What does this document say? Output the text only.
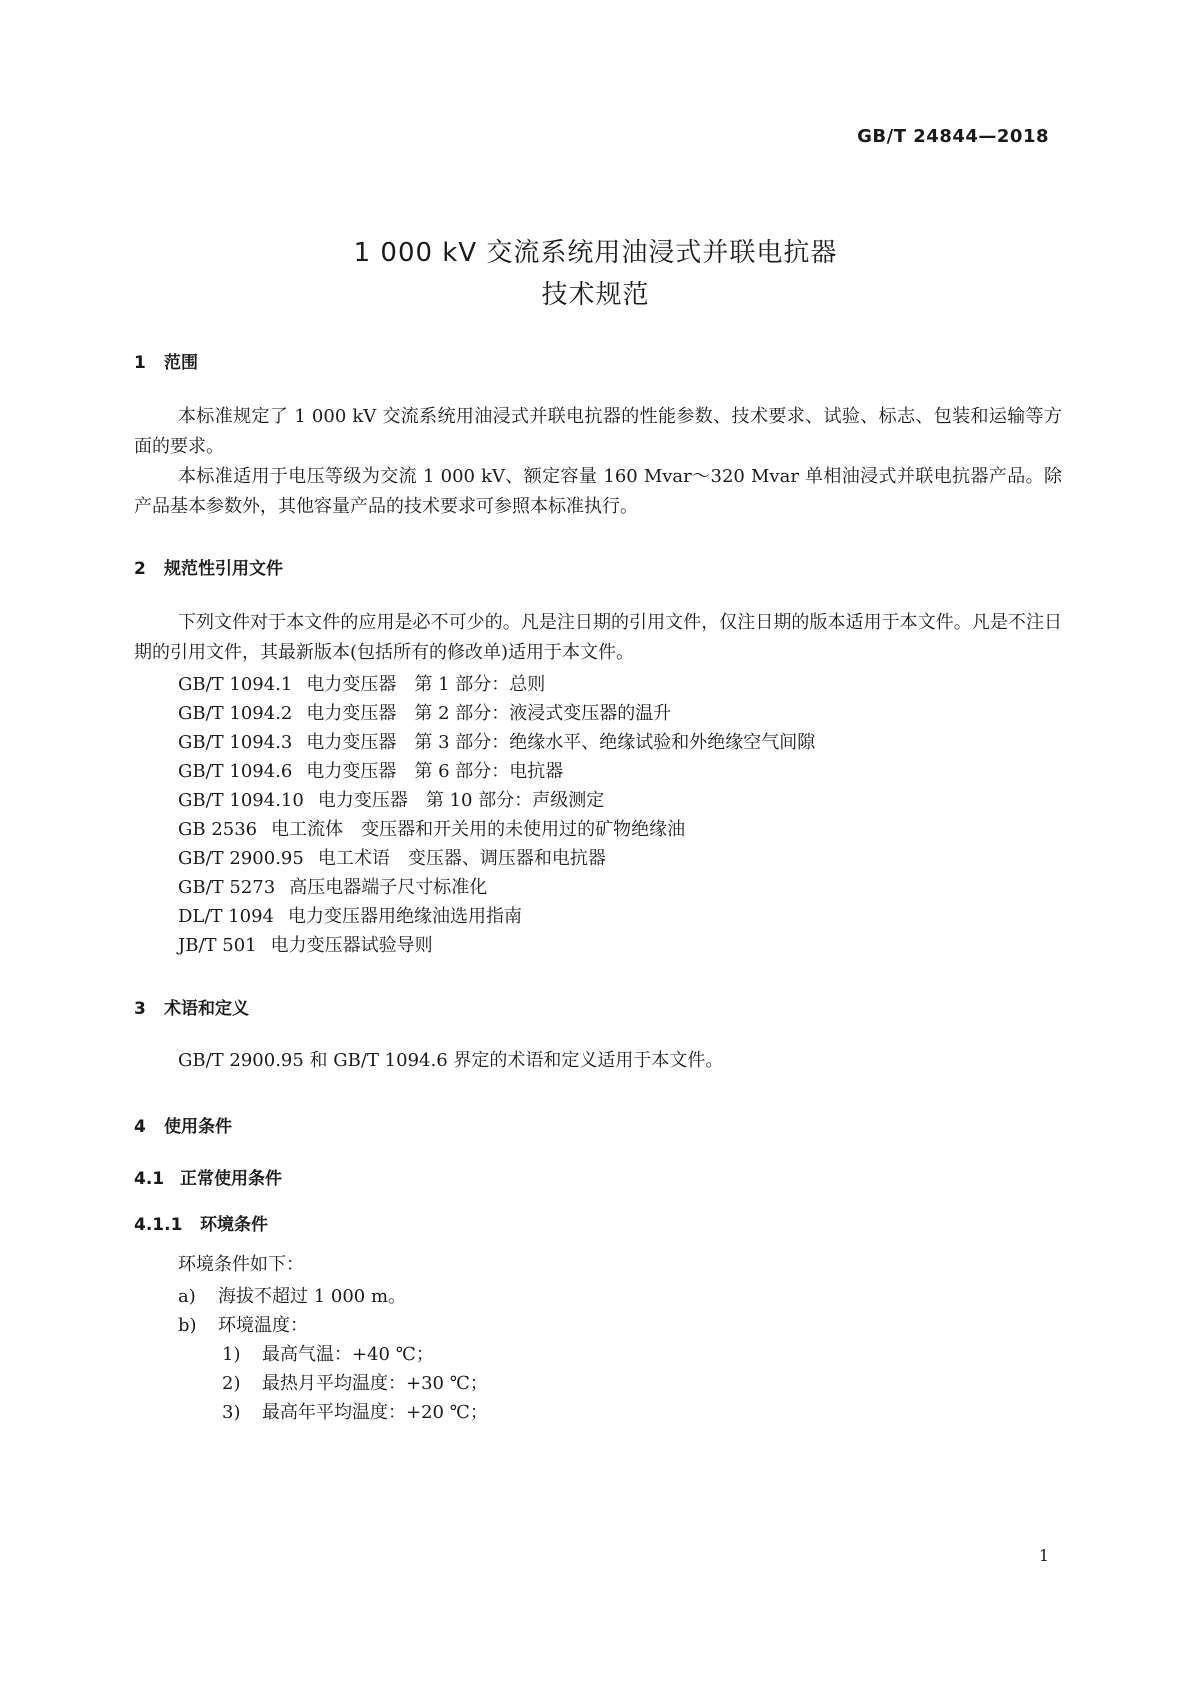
GB/T 24844—2018
1 000 kV 交流系统用油浸式并联电抗器
技术规范
1 范围
本标准规定了 1 000 kV 交流系统用油浸式并联电抗器的性能参数、技术要求、试验、标志、包装和运输等方面的要求。
本标准适用于电压等级为交流 1 000 kV、额定容量 160 Mvar～320 Mvar 单相油浸式并联电抗器产品。除产品基本参数外，其他容量产品的技术要求可参照本标准执行。
2 规范性引用文件
下列文件对于本文件的应用是必不可少的。凡是注日期的引用文件，仅注日期的版本适用于本文件。凡是不注日期的引用文件，其最新版本(包括所有的修改单)适用于本文件。
GB/T 1094.1 电力变压器　第 1 部分：总则
GB/T 1094.2 电力变压器　第 2 部分：液浸式变压器的温升
GB/T 1094.3 电力变压器　第 3 部分：绝缘水平、绝缘试验和外绝缘空气间隙
GB/T 1094.6 电力变压器　第 6 部分：电抗器
GB/T 1094.10 电力变压器　第 10 部分：声级测定
GB 2536 电工流体　变压器和开关用的未使用过的矿物绝缘油
GB/T 2900.95 电工术语　变压器、调压器和电抗器
GB/T 5273 高压电器端子尺寸标准化
DL/T 1094 电力变压器用绝缘油选用指南
JB/T 501 电力变压器试验导则
3 术语和定义
GB/T 2900.95 和 GB/T 1094.6 界定的术语和定义适用于本文件。
4 使用条件
4.1 正常使用条件
4.1.1 环境条件
环境条件如下：
a) 海拔不超过 1 000 m。
b) 环境温度：
1) 最高气温：+40 ℃；
2) 最热月平均温度：+30 ℃；
3) 最高年平均温度：+20 ℃；
1
